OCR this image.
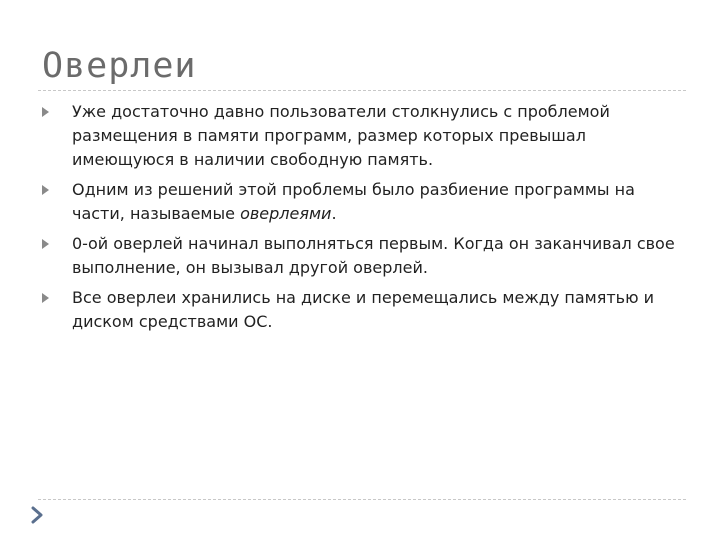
Оверлеи
Уже достаточно давно пользователи столкнулись с проблемой размещения в памяти программ, размер которых превышал имеющуюся в наличии свободную память.
Одним из решений этой проблемы было разбиение программы на части, называемые оверлеями.
0-ой оверлей начинал выполняться первым. Когда он заканчивал свое выполнение, он вызывал другой оверлей.
Все оверлеи хранились на диске и перемещались между памятью и диском средствами ОС.
